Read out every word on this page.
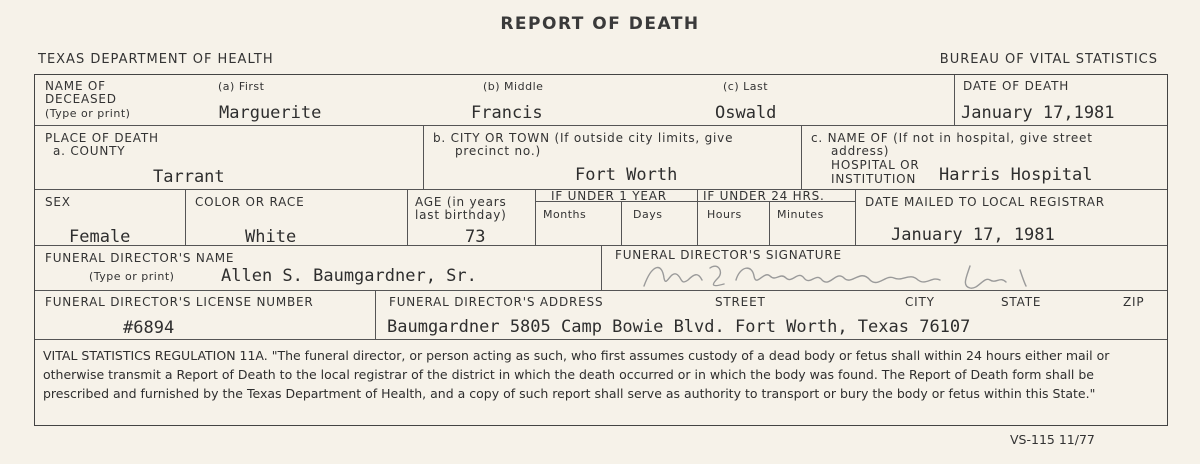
REPORT OF DEATH
TEXAS DEPARTMENT OF HEALTH	BUREAU OF VITAL STATISTICS
NAME OF
DECEASED
(Type or print)
(a) First	(b) Middle	(c) Last	DATE OF DEATH
Marguerite	Francis	Oswald	January 17,1981
PLACE OF DEATH
a. COUNTY
Tarrant
b. CITY OR TOWN (If outside city limits, give
precinct no.)
Fort Worth
c. NAME OF (If not in hospital, give street
address)
HOSPITAL OR
INSTITUTION Harris Hospital
SEX
Female
COLOR OR RACE
White
AGE (in years
last birthday)
73
IF UNDER 1 YEAR
Months	Days
IF UNDER 24 HRS.
Hours	Minutes
DATE MAILED TO LOCAL REGISTRAR
January 17, 1981
FUNERAL DIRECTOR'S NAME
(Type or print)	Allen S. Baumgardner, Sr.
FUNERAL DIRECTOR'S SIGNATURE
FUNERAL DIRECTOR'S LICENSE NUMBER
#6894
FUNERAL DIRECTOR'S ADDRESS	STREET	CITY	STATE	ZIP
Baumgardner 5805 Camp Bowie Blvd. Fort Worth, Texas 76107
VITAL STATISTICS REGULATION 11A. "The funeral director, or person acting as such, who first assumes custody of a dead body or fetus shall within 24 hours either mail or otherwise transmit a Report of Death to the local registrar of the district in which the death occurred or in which the body was found. The Report of Death form shall be prescribed and furnished by the Texas Department of Health, and a copy of such report shall serve as authority to transport or bury the body or fetus within this State."
VS-115 11/77
